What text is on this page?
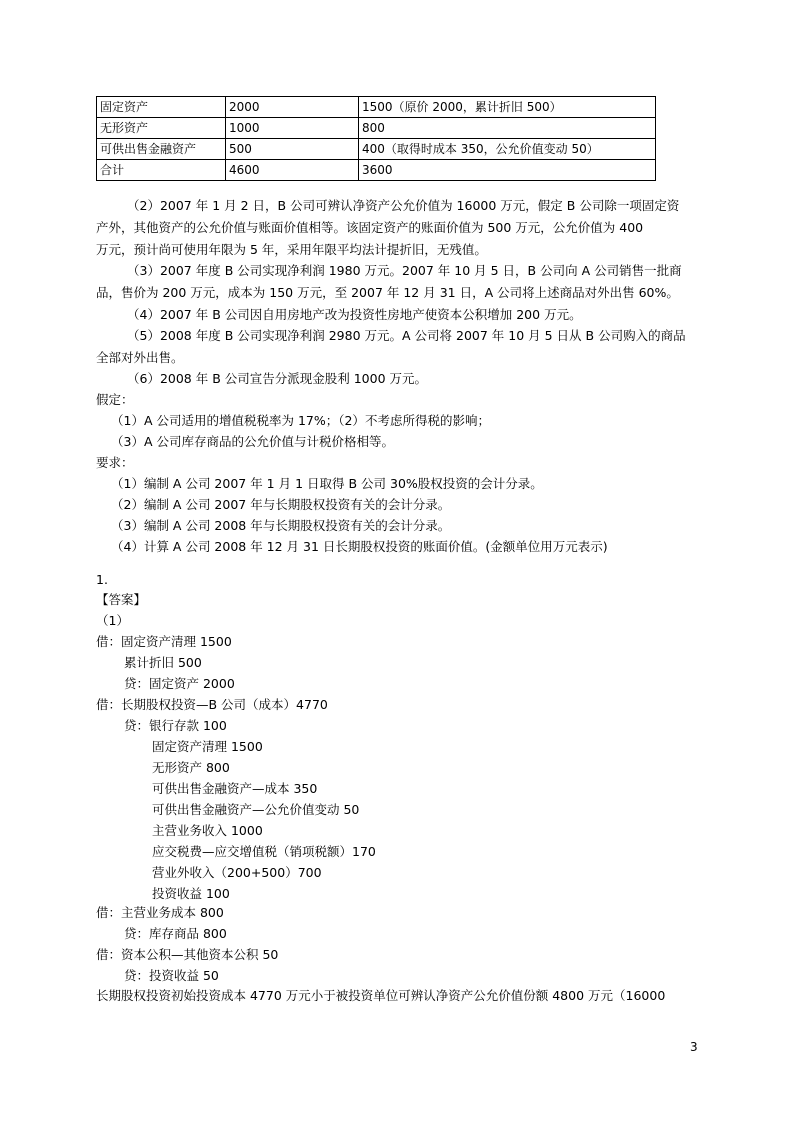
固定资产	2000	1500（原价 2000，累计折旧 500）
无形资产	1000	800
可供出售金融资产	500	400（取得时成本 350，公允价值变动 50）
合计	4600	3600
（2）2007 年 1 月 2 日，B 公司可辨认净资产公允价值为 16000 万元，假定 B 公司除一项固定资
产外，其他资产的公允价值与账面价值相等。该固定资产的账面价值为 500 万元，公允价值为 400
万元，预计尚可使用年限为 5 年，采用年限平均法计提折旧，无残值。
（3）2007 年度 B 公司实现净利润 1980 万元。2007 年 10 月 5 日，B 公司向 A 公司销售一批商
品，售价为 200 万元，成本为 150 万元，至 2007 年 12 月 31 日，A 公司将上述商品对外出售 60%。
（4）2007 年 B 公司因自用房地产改为投资性房地产使资本公积增加 200 万元。
（5）2008 年度 B 公司实现净利润 2980 万元。A 公司将 2007 年 10 月 5 日从 B 公司购入的商品
全部对外出售。
（6）2008 年 B 公司宣告分派现金股利 1000 万元。
假定：
（1）A 公司适用的增值税税率为 17%；（2）不考虑所得税的影响；
（3）A 公司库存商品的公允价值与计税价格相等。
要求：
（1）编制 A 公司 2007 年 1 月 1 日取得 B 公司 30%股权投资的会计分录。
（2）编制 A 公司 2007 年与长期股权投资有关的会计分录。
（3）编制 A 公司 2008 年与长期股权投资有关的会计分录。
（4）计算 A 公司 2008 年 12 月 31 日长期股权投资的账面价值。(金额单位用万元表示)
1.
【答案】
（1）
借：固定资产清理 1500
累计折旧 500
贷：固定资产 2000
借：长期股权投资—B 公司（成本）4770
贷：银行存款 100
固定资产清理 1500
无形资产 800
可供出售金融资产—成本 350
可供出售金融资产—公允价值变动 50
主营业务收入 1000
应交税费—应交增值税（销项税额）170
营业外收入（200+500）700
投资收益 100
借：主营业务成本 800
贷：库存商品 800
借：资本公积—其他资本公积 50
贷：投资收益 50
长期股权投资初始投资成本 4770 万元小于被投资单位可辨认净资产公允价值份额 4800 万元（16000
3
